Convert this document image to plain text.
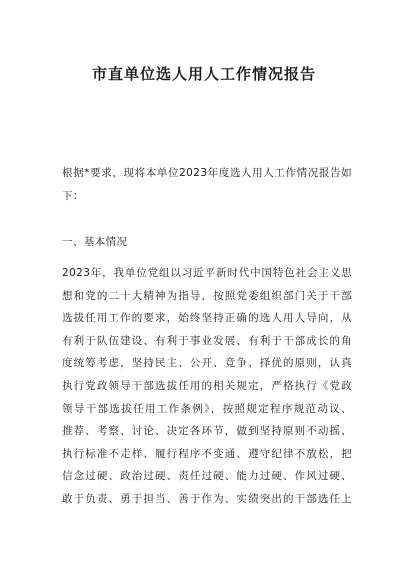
市直单位选人用人工作情况报告
根据*要求，现将本单位2023年度选人用人工作情况报告如
下：
一、基本情况
2023年，我单位党组以习近平新时代中国特色社会主义思
想和党的二十大精神为指导，按照党委组织部门关于干部
选拔任用工作的要求，始终坚持正确的选人用人导向，从
有利于队伍建设、有利于事业发展、有利于干部成长的角
度统筹考虑，坚持民主、公开、竞争、择优的原则，认真
执行党政领导干部选拔任用的相关规定，严格执行《党政
领导干部选拔任用工作条例》，按照规定程序规范动议、
推荐、考察、讨论、决定各环节，做到坚持原则不动摇、
执行标准不走样、履行程序不变通、遵守纪律不放松，把
信念过硬、政治过硬、责任过硬、能力过硬、作风过硬、
敢于负责、勇于担当、善于作为、实绩突出的干部选任上
